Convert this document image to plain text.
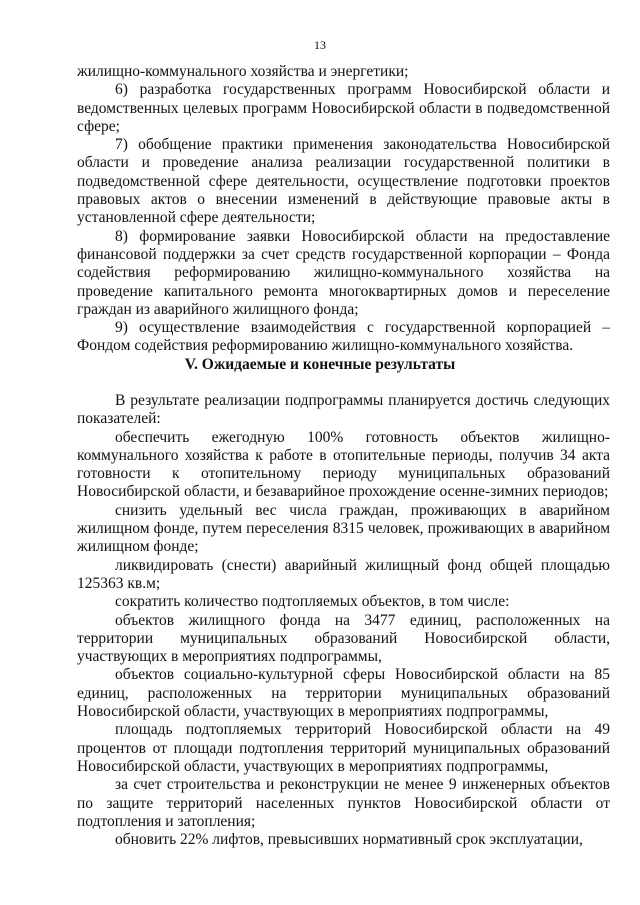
13

жилищно-коммунального хозяйства и энергетики;

6) разработка государственных программ Новосибирской области и ведомственных целевых программ Новосибирской области в подведомственной сфере;

7) обобщение практики применения законодательства Новосибирской области и проведение анализа реализации государственной политики в подведомственной сфере деятельности, осуществление подготовки проектов правовых актов о внесении изменений в действующие правовые акты в установленной сфере деятельности;

8) формирование заявки Новосибирской области на предоставление финансовой поддержки за счет средств государственной корпорации – Фонда содействия реформированию жилищно-коммунального хозяйства на проведение капитального ремонта многоквартирных домов и переселение граждан из аварийного жилищного фонда;

9) осуществление взаимодействия с государственной корпорацией – Фондом содействия реформированию жилищно-коммунального хозяйства.

V. Ожидаемые и конечные результаты

В результате реализации подпрограммы планируется достичь следующих показателей:

обеспечить ежегодную 100% готовность объектов жилищно-коммунального хозяйства к работе в отопительные периоды, получив 34 акта готовности к отопительному периоду муниципальных образований Новосибирской области, и безаварийное прохождение осенне-зимних периодов;

снизить удельный вес числа граждан, проживающих в аварийном жилищном фонде, путем переселения 8315 человек, проживающих в аварийном жилищном фонде;

ликвидировать (снести) аварийный жилищный фонд общей площадью 125363 кв.м;

сократить количество подтопляемых объектов, в том числе:

объектов жилищного фонда на 3477 единиц, расположенных на территории муниципальных образований Новосибирской области, участвующих в мероприятиях подпрограммы,

объектов социально-культурной сферы Новосибирской области на 85 единиц, расположенных на территории муниципальных образований Новосибирской области, участвующих в мероприятиях подпрограммы,

площадь подтопляемых территорий Новосибирской области на 49 процентов от площади подтопления территорий муниципальных образований Новосибирской области, участвующих в мероприятиях подпрограммы,

за счет строительства и реконструкции не менее 9 инженерных объектов по защите территорий населенных пунктов Новосибирской области от подтопления и затопления;

обновить 22% лифтов, превысивших нормативный срок эксплуатации,
